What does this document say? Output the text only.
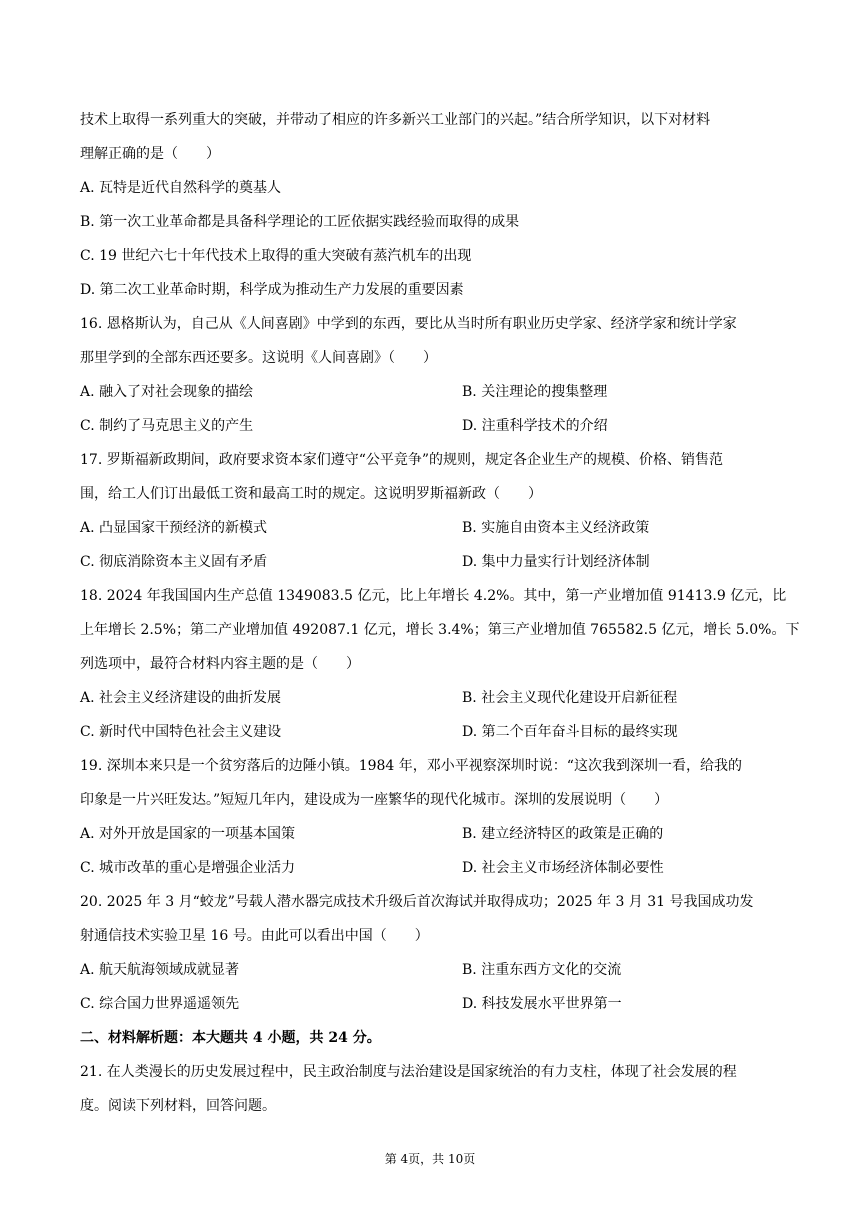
技术上取得一系列重大的突破，并带动了相应的许多新兴工业部门的兴起。”结合所学知识，以下对材料
理解正确的是（　　）
A. 瓦特是近代自然科学的奠基人
B. 第一次工业革命都是具备科学理论的工匠依据实践经验而取得的成果
C. 19 世纪六七十年代技术上取得的重大突破有蒸汽机车的出现
D. 第二次工业革命时期，科学成为推动生产力发展的重要因素
16. 恩格斯认为，自己从《人间喜剧》中学到的东西，要比从当时所有职业历史学家、经济学家和统计学家
那里学到的全部东西还要多。这说明《人间喜剧》（　　）
A. 融入了对社会现象的描绘	B. 关注理论的搜集整理
C. 制约了马克思主义的产生	D. 注重科学技术的介绍
17. 罗斯福新政期间，政府要求资本家们遵守“公平竞争”的规则，规定各企业生产的规模、价格、销售范
围，给工人们订出最低工资和最高工时的规定。这说明罗斯福新政（　　）
A. 凸显国家干预经济的新模式	B. 实施自由资本主义经济政策
C. 彻底消除资本主义固有矛盾	D. 集中力量实行计划经济体制
18. 2024 年我国国内生产总值 1349083.5 亿元，比上年增长 4.2%。其中，第一产业增加值 91413.9 亿元，比
上年增长 2.5%；第二产业增加值 492087.1 亿元，增长 3.4%；第三产业增加值 765582.5 亿元，增长 5.0%。下
列选项中，最符合材料内容主题的是（　　）
A. 社会主义经济建设的曲折发展	B. 社会主义现代化建设开启新征程
C. 新时代中国特色社会主义建设	D. 第二个百年奋斗目标的最终实现
19. 深圳本来只是一个贫穷落后的边陲小镇。1984 年，邓小平视察深圳时说：“这次我到深圳一看，给我的
印象是一片兴旺发达。”短短几年内，建设成为一座繁华的现代化城市。深圳的发展说明（　　）
A. 对外开放是国家的一项基本国策	B. 建立经济特区的政策是正确的
C. 城市改革的重心是增强企业活力	D. 社会主义市场经济体制必要性
20. 2025 年 3 月“蛟龙”号载人潜水器完成技术升级后首次海试并取得成功；2025 年 3 月 31 号我国成功发
射通信技术实验卫星 16 号。由此可以看出中国（　　）
A. 航天航海领域成就显著	B. 注重东西方文化的交流
C. 综合国力世界遥遥领先	D. 科技发展水平世界第一
二、材料解析题：本大题共 4 小题，共 24 分。
21. 在人类漫长的历史发展过程中，民主政治制度与法治建设是国家统治的有力支柱，体现了社会发展的程
度。阅读下列材料，回答问题。
第 4页，共 10页
